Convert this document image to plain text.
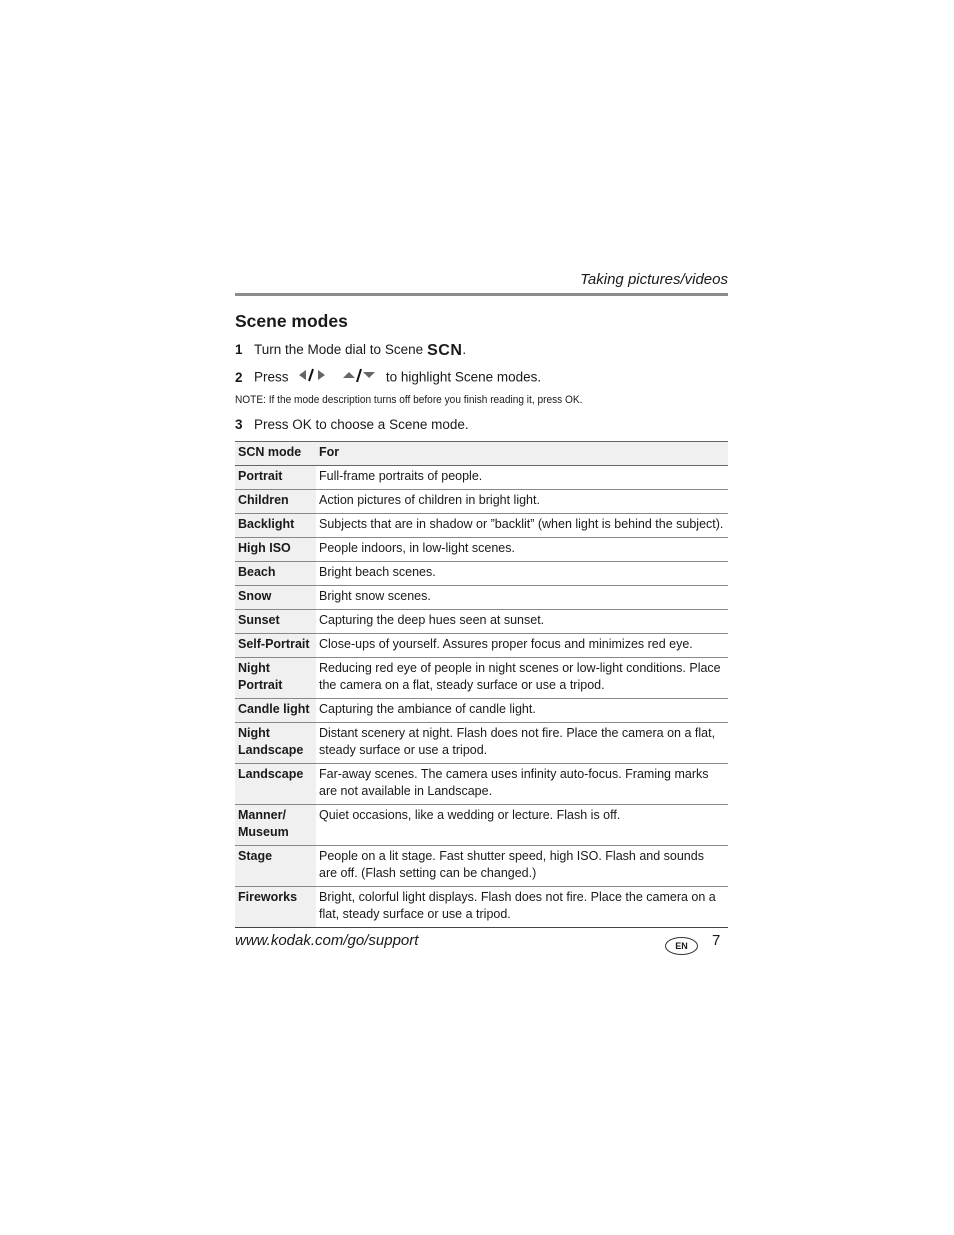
Taking pictures/videos
Scene modes
1 Turn the Mode dial to Scene SCN.
2 Press	to highlight Scene modes.
NOTE: If the mode description turns off before you finish reading it, press OK.
3 Press OK to choose a Scene mode.
SCN mode	For
Portrait	Full-frame portraits of people.
Children	Action pictures of children in bright light.
Backlight	Subjects that are in shadow or ”backlit” (when light is behind the subject).
High ISO	People indoors, in low-light scenes.
Beach	Bright beach scenes.
Snow	Bright snow scenes.
Sunset	Capturing the deep hues seen at sunset.
Self-Portrait	Close-ups of yourself. Assures proper focus and minimizes red eye.
Night Portrait	Reducing red eye of people in night scenes or low-light conditions. Place the camera on a flat, steady surface or use a tripod.
Candle light	Capturing the ambiance of candle light.
Night Landscape	Distant scenery at night. Flash does not fire. Place the camera on a flat, steady surface or use a tripod.
Landscape	Far-away scenes. The camera uses infinity auto-focus. Framing marks are not available in Landscape.
Manner/ Museum	Quiet occasions, like a wedding or lecture. Flash is off.
Stage	People on a lit stage. Fast shutter speed, high ISO. Flash and sounds are off. (Flash setting can be changed.)
Fireworks	Bright, colorful light displays. Flash does not fire. Place the camera on a flat, steady surface or use a tripod.
www.kodak.com/go/support	EN	7
